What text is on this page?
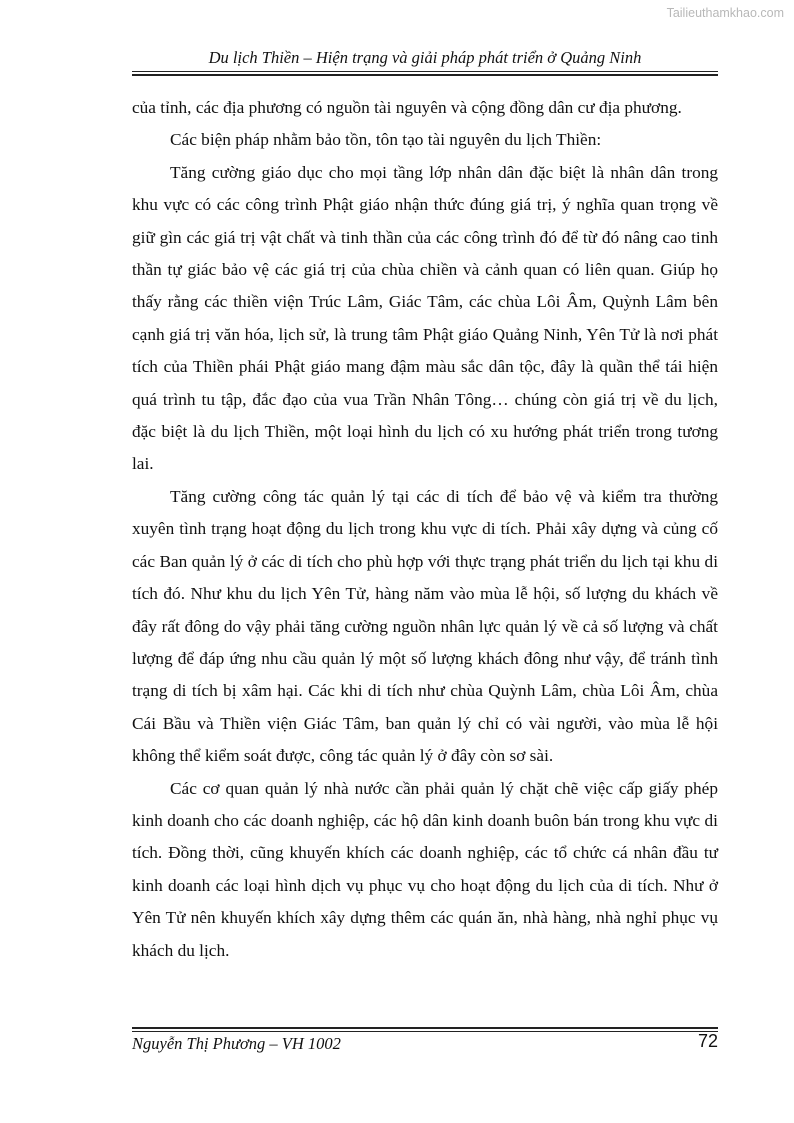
Tailieuthamkhao.com
Du lịch Thiền – Hiện trạng và giải pháp phát triển ở Quảng Ninh

của tỉnh, các địa phương có nguồn tài nguyên và cộng đồng dân cư địa phương.

Các biện pháp nhằm bảo tồn, tôn tạo tài nguyên du lịch Thiền:

Tăng cường giáo dục cho mọi tầng lớp nhân dân đặc biệt là nhân dân trong khu vực có các công trình Phật giáo nhận thức đúng giá trị, ý nghĩa quan trọng về giữ gìn các giá trị vật chất và tinh thần của các công trình đó để từ đó nâng cao tinh thần tự giác bảo vệ các giá trị của chùa chiền và cảnh quan có liên quan. Giúp họ thấy rằng các thiền viện Trúc Lâm, Giác Tâm, các chùa Lôi Âm, Quỳnh Lâm bên cạnh giá trị văn hóa, lịch sử, là trung tâm Phật giáo Quảng Ninh, Yên Tử là nơi phát tích của Thiền phái Phật giáo mang đậm màu sắc dân tộc, đây là quần thể tái hiện quá trình tu tập, đắc đạo của vua Trần Nhân Tông… chúng còn giá trị về du lịch, đặc biệt là du lịch Thiền, một loại hình du lịch có xu hướng phát triển trong tương lai.

Tăng cường công tác quản lý tại các di tích để bảo vệ và kiểm tra thường xuyên tình trạng hoạt động du lịch trong khu vực di tích. Phải xây dựng và củng cố các Ban quản lý ở các di tích cho phù hợp với thực trạng phát triển du lịch tại khu di tích đó. Như khu du lịch Yên Tử, hàng năm vào mùa lễ hội, số lượng du khách về đây rất đông do vậy phải tăng cường nguồn nhân lực quản lý về cả số lượng và chất lượng để đáp ứng nhu cầu quản lý một số lượng khách đông như vậy, để tránh tình trạng di tích bị xâm hại. Các khi di tích như chùa Quỳnh Lâm, chùa Lôi Âm, chùa Cái Bầu và Thiền viện Giác Tâm, ban quản lý chỉ có vài người, vào mùa lễ hội không thể kiểm soát được, công tác quản lý ở đây còn sơ sài.

Các cơ quan quản lý nhà nước cần phải quản lý chặt chẽ việc cấp giấy phép kinh doanh cho các doanh nghiệp, các hộ dân kinh doanh buôn bán trong khu vực di tích. Đồng thời, cũng khuyến khích các doanh nghiệp, các tổ chức cá nhân đầu tư kinh doanh các loại hình dịch vụ phục vụ cho hoạt động du lịch của di tích. Như ở Yên Tử nên khuyến khích xây dựng thêm các quán ăn, nhà hàng, nhà nghỉ phục vụ khách du lịch.

Nguyễn Thị Phương – VH 1002	72
